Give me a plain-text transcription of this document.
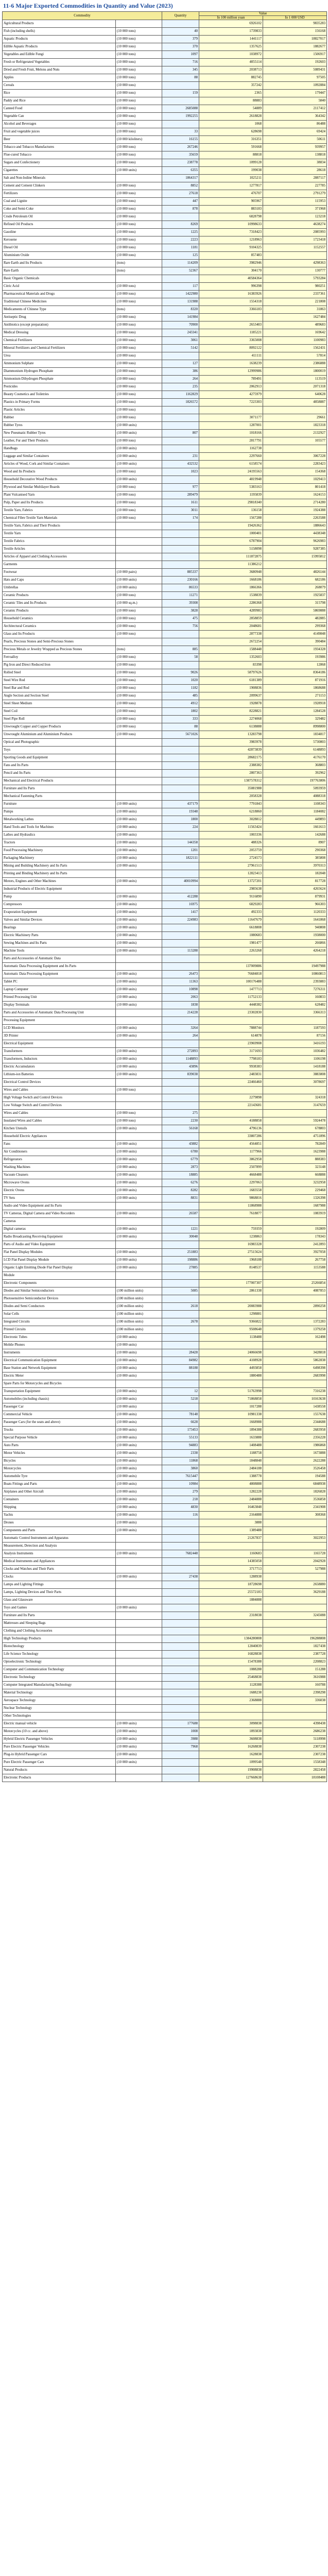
11-6 Major Exported Commodities in Quantity and Value (2023)
Commodity		Quantity	Value	
			In 100 million yuan	In 1 000 USD
Agricultural Products			6926102	9835283
Fish (including shells)	(10 000 tons)	40	1739833	156168
Aquatic Products	(10 000 tons)	379	1441117	18827017
Edible Aquatic Products	(10 000 tons)	370	1357625	1882677
Vegetables and Edible Fungi	(10 000 tons)	1097	1038972	1506917
Fresh or Refrigerated Vegetables	(10 000 tons)	716	4055114	192603
Dried and Fresh Fruit, Melons and Nuts	(10 000 tons)	345	2038713	5089431
Apples	(10 000 tons)	88	882745	97505
Cereals	(10 000 tons)		357242	1092884
Rice	(10 000 tons)	159	2365	179447
Paddy and Rice	(10 000 tons)		88883	5840
Canned Food	(10 000 tons)	2685088	54889	2117412
Vegetable Can	(10 000 tons)	1992255	2618828	364342
Alcohol and Beverages	(10 000 tons)		1068	86488
Fruit and vegetable juices	(10 000 tons)	33	628698	69424
Beer	(10 000 kiloliters)	16155	316351	50611
Tobacco and Tobacco Manufactures	(10 000 tons)	267246	591668	939957
Flue-cured Tobacco	(10 000 tons)	35659	88818	138818
Sugars and Confectionery	(10 000 tons)	238778	1099128	38834
Cigarettes	(10 000 units)	6355	199038	28618
Salt and Non-Iodine Minerals		1864317	1025211	2887117
Cement and Cement Clinkers	(10 000 tons)	8852	1277817	227785
Fertilizers	(10 000 tons)	27618	476707	2791279
Coal and Lignite	(10 000 tons)	447	905967	115953
Coke and Semi-Coke	(10 000 tons)	878	883183	371968
Crude Petroleum Oil	(10 000 tons)		6828798	123218
Refined Oil Products	(10 000 tons)	8269	10998633	4638274
Gasoline	(10 000 tons)	1225	7318423	2085993
Kerosene	(10 000 tons)	2223	1218963	1723418
Diesel Oil	(10 000 tons)	1181	9104325	1152557
Aluminium Oxide	(10 000 tons)	125	857483	
Rare Earth and Its Products	(tons)	114209	3982946	4298363
Rare Earth	(tons)	52367	304170	130777
Basic Organic Chemicals			40584364	5793284
Citric Acid	(10 000 tons)	117	996398	980251
Pharmaceutical Materials and Drugs	(10 000 tons)	1422980	16383926	2337361
Traditional Chinese Medicines	(10 000 tons)	131988	1554318	221808
Medicaments of Chinese Type	(tons)	8320	3366183	31863
Antiseptic Drug	(10 000 tons)	141984		1627484
Antibiotics (except preparation)	(10 000 tons)	70900	2653403	489683
Medical Dressing	(10 000 tons)	243341	1185221	169642
Chemical Fertilizers	(10 000 tons)	3061	3365008	1100983
Mineral Fertilizers and Chemical Fertilizers	(10 000 tons)	5142	8092122	1562431
Urea	(10 000 tons)		411111	57814
Ammonium Sulphate	(10 000 tons)	127	1638239	2386888
Diammonium Hydrogen Phosphate	(10 000 tons)	386	12999986	1800019
Ammonium Dihydrogen Phosphate	(10 000 tons)	264	789491	113519
Pesticides	(10 000 tons)	235	2062913	2071318
Beauty Cosmetics and Toiletries	(10 000 tons)	1162829	4275979	640628
Plastics in Primary Forms	(10 000 tons)	1826572	7223303	4858887
Plastic Articles	(10 000 tons)			
Rubber	(10 000 tons)		3071177	29661
Rubber Tyres	(10 000 units)		1287001	1823318
New Pneumatic Rubber Tyres	(10 000 units)	807	1018166	2132927
Leather, Fur and Their Products	(10 000 tons)		2817791	105577
Handbags	(10 000 units)		1162738	
Luggage and Similar Containers	(10 000 units)	231	2297660	3067228
Articles of Wood, Cork and Similar Containers	(10 000 units)	432532	6158574	2283423
Wood and Its Products	(10 000 tons)	1023	24195563	154368
Household Decorative Wood Products	(10 000 units)		4819948	1029413
Plywood and Similar Multilayer Boards	(10 000 tons)	977	5383163	801418
Plant Vulcanised Yarn	(10 000 tons)	289479	1195839	1624153
Pulp, Paper and Its Products	(10 000 tons)	1611	29818340	2714280
Textile Yarn, Fabrics	(10 000 tons)	3011	136158	1924388
Chemical Fibre Textile Yarn Materials	(10 000 tons)	174	1567288	2263588
Textile Yarn, Fabrics and Their Products			19426362	1886643
Textile Yarn			1000401	4438348
Textile Fabrics			6787904	9626983
Textile Articles			5158098	9287385
Articles of Apparel and Clothing Accessories			111872875	15995812
Garments			11386212	
Footwear	(10 000 pairs)	885337	3680948	4826144
Hats and Caps	(10 000 units)	230166	1668186	682186
Umbrellas	(10 000 units)	86533	1866366	268079
Ceramic Products	(10 000 tons)	11271	1538839	1925837
Ceramic Tiles and Its Products	(10 000 sq.m.)	39308	2286368	315798
Ceramic Products	(10 000 tons)	3828	4289983	5869888
Household Ceramics	(10 000 tons)	475	2858859	482885
Architectural Ceramics	(10 000 tons)	756	2048681	299368
Glass and Its Products	(10 000 tons)		2877338	4149848
Pearls, Precious Stones and Semi-Precious Stones			2672254	390484
Precious Metals or Jewelry Wrapped as Precious Stones	(tons)	885	1588448	1934328
Ferroalloy	(10 000 tons)	58	1352603	193986
Pig Iron and Direct Reduced Iron	(10 000 tons)		83398	12868
Rolled Steel	(10 000 tons)	9026	58797626	8364186
Steel Wire Rod	(10 000 tons)	1020	6181389	871916
Steel Bar and Rod	(10 000 tons)	1182	1908836	1868688
Angle Section and Section Steel	(10 000 tons)	485	2099637	271153
Steel Sheet Medium	(10 000 tons)	4912	1928878	1928918
Steel Coil	(10 000 tons)	1802	8228821	1284528
Steel Pipe Roll	(10 000 tons)	333	2274068	329482
Unwrought Copper and Copper Products	(10 000 tons)	88	6138888	8998800
Unwrought Aluminium and Aluminium Products	(10 000 tons)	5671026	13283798	1834817
Optical and Photographic			3983978	5730803
Toys			42873839	6148893
Sporting Goods and Equipment			28682175	4176170
Fans and Its Parts			2388382	368803
Pencil and Its Parts			2807363	392962
Mechanical and Electrical Products			1387578312	197763806
Furniture and Its Parts			35081988	5093959
Mechanical Fastening Parts			2058328	4088318
Furniture	(10 000 units)	437179	7791843	1108343
Pumps	(10 000 units)	19348	6218860	1184082
Metalworking Lathes	(10 000 units)	1800	3028812	449893
Hand Tools and Tools for Machines	(10 000 units)	224	11563424	1661613
Lathes and Hydraulics	(10 000 units)		1003336	142688
Tractors	(10 000 units)	144358	488326	8907
Food Processing Machinery	(10 000 units)	1201	2053759	290368
Packaging Machinery	(10 000 units)	1822111	2724573	385808
Mining and Building Machinery and Its Parts	(10 000 units)		27961513	3970313
Printing and Binding Machinery and Its Parts			12823413	182048
Motors, Engines and Other Machines	(10 000 units)	40010994	13727201	817728
Industrial Products of Electric Equipment			2985638	4265624
Pump	(10 000 units)	412288	9116890	879931
Compressors	(10 000 units)	16975	6829283	966303
Evaporation Equipment	(10 000 units)	1417	492333	1120333
Valves and Similar Devices	(10 000 units)	224983	11647679	1641868
Bearings	(10 000 units)		6618808	940808
Electric Machinery Parts	(10 000 units)		1080683	1938000
Sewing Machines and Its Parts	(10 000 units)		1981477	266866
Machine Tools	(10 000 units)	113288	2263268	4264218
Parts and Accessories of Automatic Data				
Automatic Data Processing Equipment and Its Parts			137009886	19497988
Automatic Data Processing Equipment	(10 000 units)	26473	76684818	10860813
Tablet PC	(10 000 units)	11363	100176488	2393883
Laptop Computer	(10 000 units)	10898	1477713	7276311
Printed Processing Unit	(10 000 units)	2063	11752133	160833
Display Terminals	(10 000 units)	1838	4448382	628482
Parts and Accessories of Automatic Data Processing Unit		214228	23302830	3366313
Processing Equipment				
LCD Monitors	(10 000 units)	3264	7888744	1187593
3D Printer	(10 000 units)	264	614878	87156
Electrical Equipment			23969908	3416193
Transformers	(10 000 units)	272893	3171693	1036482
Transformers, Inductors	(10 000 units)	1148893	7798183	1106198
Electric Accumulators	(10 000 units)	43896	9938383	1418188
Lithium-ion Batteries	(10 000 units)	839038	2483831	3883808
Electrical Control Devices			22466460	3078697
Wires and Cables	(10 000 tons)			
High Voltage Switch and Control Devices			2279898	324318
Low Voltage Switch and Control Devices			22143681	3147659
Wires and Cables	(10 000 tons)	275		
Insulated Wires and Cables	(10 000 tons)	2230	4188858	5924478
Kitchen Utensils	(10 000 units)	56168	4796136	678803
Household Electric Appliances			33807286	4751896
Fans	(10 000 units)	43882	4564851	782849
Air Conditioners	(10 000 units)	6780	1177966	1623988
Refrigerators	(10 000 units)	6779	3862958	888383
Washing Machines	(10 000 units)	2873	2507899	323148
Vacuum Cleaners	(10 000 units)	18885	4668488	668888
Microwave Ovens	(10 000 units)	6276	2297063	3232958
Electric Ovens	(10 000 units)	8282	1683558	229468
TV Sets	(10 000 units)	8831	9868816	1326398
Audio and Video Equipment and Its Parts			11868988	1687988
TV Cameras, Digital Camera and Video Recorders	(10 000 units)	26587	7618877	1083919
Cameras				
Digital cameras	(10 000 units)	1221	759359	192809
Radio Broadcasting Receiving Equipment	(10 000 units)	30048	1238863	178343
Parts of Audio and Video Equipment			16983328	2412893
Flat Panel Display Modules	(10 000 units)	251883	27515624	3927058
LCD Flat Panel Display Module	(10 000 units)	198886	1968188	267758
Organic Light Emitting Diode Flat Panel Display	(10 000 units)	27885	8148537	1153588
Module				
Electronic Components			177007307	25266854
Diodes and Similar Semiconductors	(100 million units)	5085	2861338	4087853
Photosensitive Semiconductor Devices	(100 million units)			
Diodes and Semi Conductors	(100 million units)	2618	20083988	2890258
Solar Cells	(100 million units)		1298881	
Integrated Circuits	(100 million units)	2678	9366822	1372283
Printed Circuits	(100 million units)		9508648	1379258
Electronic Tubes	(10 000 units)		1138488	162498
Mobile Phones	(10 000 units)			
Instruments	(10 000 units)	28428	24066698	3428818
Electrical Communication Equipment	(10 000 units)	84982	4108928	5862838
Base Station and Network Equipment	(10 000 units)	88188	4493858	6498398
Electric Meter	(10 000 units)		1880488	2683998
Spare Parts for Motorcycles and Bicycles				
Transportation Equipment	(10 000 units)	12	51763998	7316238
Automobiles (including chassis)	(10 000 units)	5218	71868858	10163638
Passenger Car	(10 000 units)		1017288	1438558
Commercial Vehicle	(10 000 units)	78148	10981338	1557638
Passenger Cars (for the seats and above)	(10 000 units)	6628	1668988	2344688
Trucks	(10 000 units)	173453	1894388	2683958
Special Purpose Vehicle	(10 000 units)	55133	1633888	2356228
Auto Parts	(10 000 units)	94883	1408488	1986868
Motor Vehicles	(10 000 units)	2338	1188758	1673888
Bicycles	(10 000 units)	11868	1848848	2622288
Motorcycles	(10 000 units)	3860	2484188	3526458
Automobile Tyre	(10 000 units)	7615447	1388778	194588
Boats Fittings and Parts	(10 000 units)	10984	4808888	6848938
Airplanes and Other Aircraft	(10 000 units)	279	1282228	1826828
Containers	(10 000 units)	218	2484888	3536858
Shipping	(10 000 units)	4830	16463848	2341908
Yachts	(10 000 units)	116	2164888	308368
Drones	(10 000 units)		3888	
Components and Parts	(10 000 units)		1389488	
Automatic Control Instruments and Apparatus			21267837	3022953
Measurement, Detection and Analysis				
Analysis Instruments	(10 000 units)	7682448	1160683	1165728
Medical Instruments and Appliances			14385058	2042928
Clocks and Watches and Their Parts			3717713	527988
Clocks	(10 000 units)	27438	1288938	
Lamps and Lighting Fittings			18728698	2658880
Lamps, Lighting Devices and Their Parts			25572183	3629188
Glass and Glassware			1884888	
Toys and Games	(10 000 units)			
Furniture and Its Parts			2318038	3245088
Mattresses and Sleeping Bags				
Clothing and Clothing Accessories				
High Technology Products			1384280808	196288808
Biotechnology			12840839	1827438
Life Science Technology			16828838	2387728
Optoelectronic Technology			15478388	2208823
Computer and Communication Technology			1088288	151288
Electronic Technology			25468838	3616988
Computer Integrated Manufacturing Technology			1128388	160788
Material Technology			1688238	2398298
Aerospace Technology			2368888	336038
Nuclear Technology				
Other Technologies				
Electric manual vehicle	(10 000 units)	177688	3098838	4398438
Motorcycles (10 cc. and above)	(10 000 units)	1008	1893838	2686238
Hybrid Electric Passenger Vehicles	(10 000 units)	3988	3608838	5118998
Pure Electric Passenger Vehicles	(10 000 units)	7968	16268838	2307238
Plug-in Hybrid Passenger Cars	(10 000 units)		1628838	2307238
Pure Electric Passenger Cars	(10 000 units)		1099548	1558348
Natural Products			19908838	2822458
Electronic Products			127668638	18108488
